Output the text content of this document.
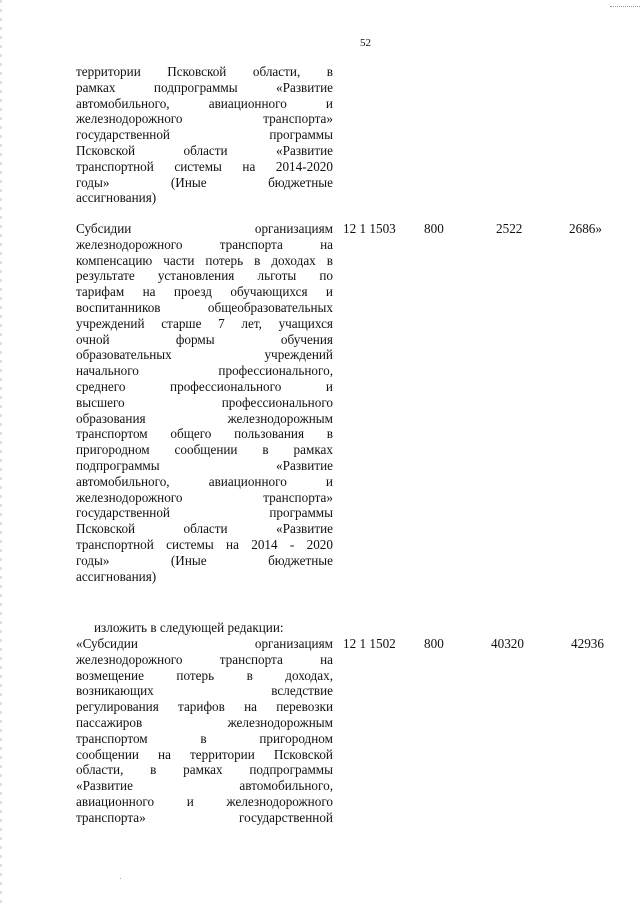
52
территории Псковской области, в
рамках подпрограммы «Развитие
автомобильного, авиационного и
железнодорожного транспорта»
государственной программы
Псковской области «Развитие
транспортной системы на 2014-2020
годы» (Иные бюджетные
ассигнования)
Субсидии организациям
железнодорожного транспорта на
компенсацию части потерь в доходах в
результате установления льготы по
тарифам на проезд обучающихся и
воспитанников общеобразовательных
учреждений старше 7 лет, учащихся
очной формы обучения
образовательных учреждений
начального профессионального,
среднего профессионального и
высшего профессионального
образования железнодорожным
транспортом общего пользования в
пригородном сообщении в рамках
подпрограммы «Развитие
автомобильного, авиационного и
железнодорожного транспорта»
государственной программы
Псковской области «Развитие
транспортной системы на 2014 - 2020
годы» (Иные бюджетные
ассигнования)
12 1 1503 800	2522	2686»
изложить в следующей редакции:
«Субсидии организациям
железнодорожного транспорта на
возмещение потерь в доходах,
возникающих вследствие
регулирования тарифов на перевозки
пассажиров железнодорожным
транспортом в пригородном
сообщении на территории Псковской
области, в рамках подпрограммы
«Развитие автомобильного,
авиационного и железнодорожного
транспорта» государственной
12 1 1502 800	40320	42936
